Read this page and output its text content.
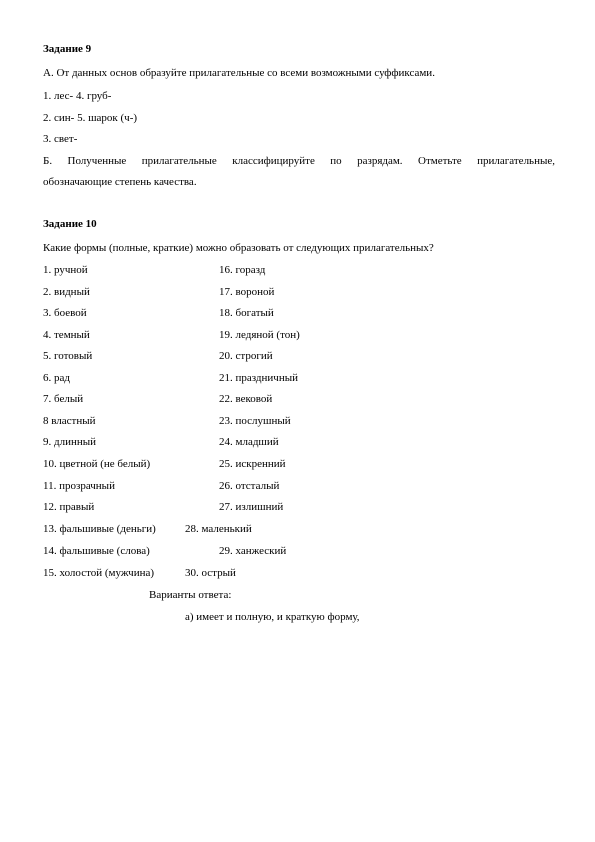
Задание 9
А. От данных основ образуйте прилагательные со всеми возможными суффиксами.
1. лес- 4. груб-
2. син- 5. шарок (ч-)
3. свет-
Б. Полученные прилагательные классифицируйте по разрядам. Отметьте прилагательные,
обозначающие степень качества.
Задание 10
Какие формы (полные, краткие) можно образовать от следующих прилагательных?
1. ручной	16. горазд
2. видный	17. вороной
3. боевой	18. богатый
4. темный	19. ледяной (тон)
5. готовый	20. строгий
6. рад	21. праздничный
7. белый	22. вековой
8 властный	23. послушный
9. длинный	24. младший
10. цветной (не белый)	25. искренний
11. прозрачный	26. отсталый
12. правый	27. излишний
13. фальшивые (деньги)	28. маленький
14. фальшивые (слова)	29. ханжеский
15. холостой (мужчина)	30. острый
Варианты ответа:
а) имеет и полную, и краткую форму,
